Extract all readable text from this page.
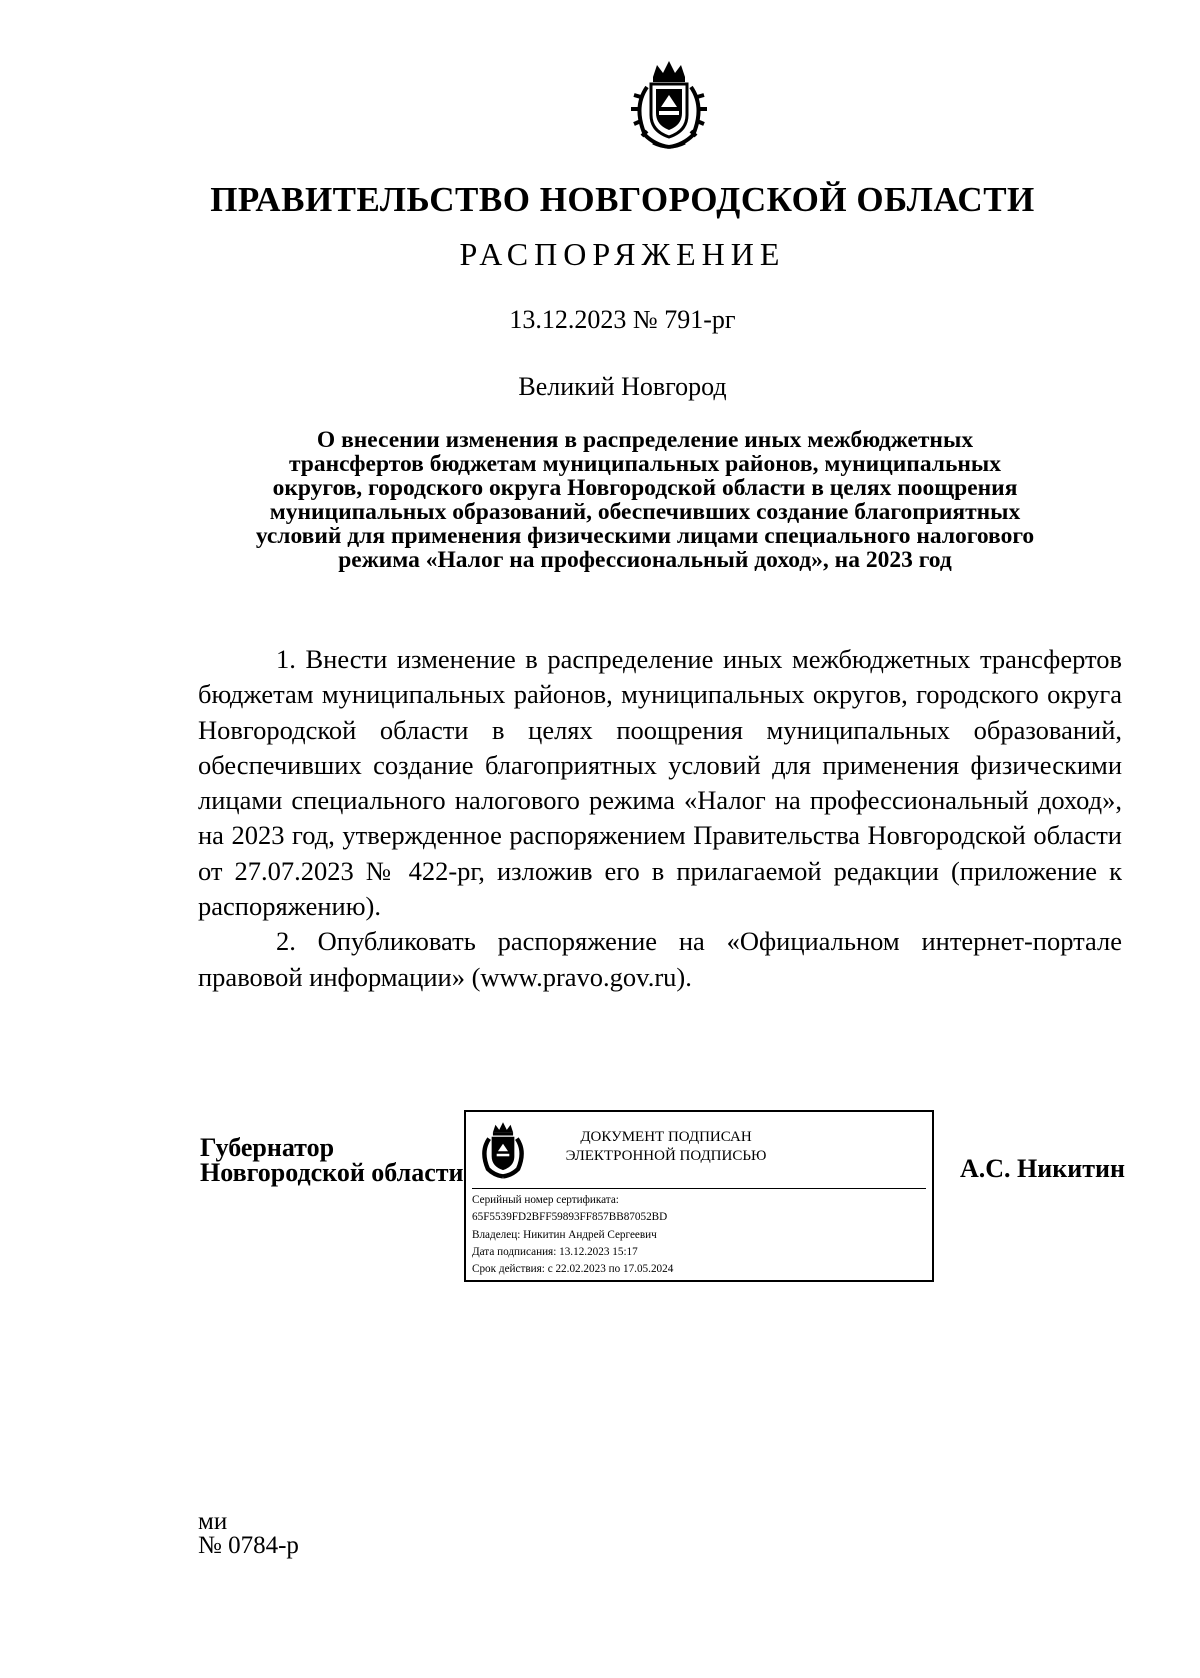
ПРАВИТЕЛЬСТВО НОВГОРОДСКОЙ ОБЛАСТИ
РАСПОРЯЖЕНИЕ
13.12.2023 № 791-рг
Великий Новгород
О внесении изменения в распределение иных межбюджетных
трансфертов бюджетам муниципальных районов, муниципальных
округов, городского округа Новгородской области в целях поощрения
муниципальных образований, обеспечивших создание благоприятных
условий для применения физическими лицами специального налогового
режима «Налог на профессиональный доход», на 2023 год

1. Внести изменение в распределение иных межбюджетных трансфертов бюджетам муниципальных районов, муниципальных округов, городского округа Новгородской области в целях поощрения муниципальных образований, обеспечивших создание благоприятных условий для применения физическими лицами специального налогового режима «Налог на профессиональный доход», на 2023 год, утвержденное распоряжением Правительства Новгородской области от 27.07.2023 № 422-рг, изложив его в прилагаемой редакции (приложение к распоряжению).

2. Опубликовать распоряжение на «Официальном интернет-портале правовой информации» (www.pravo.gov.ru).

Губернатор
Новгородской области
ДОКУМЕНТ ПОДПИСАН
ЭЛЕКТРОННОЙ ПОДПИСЬЮ
Серийный номер сертификата:
65F5539FD2BFF59893FF857BB87052BD
Владелец: Никитин Андрей Сергеевич
Дата подписания: 13.12.2023 15:17
Срок действия: с 22.02.2023 по 17.05.2024
А.С. Никитин
ми
№ 0784-р
